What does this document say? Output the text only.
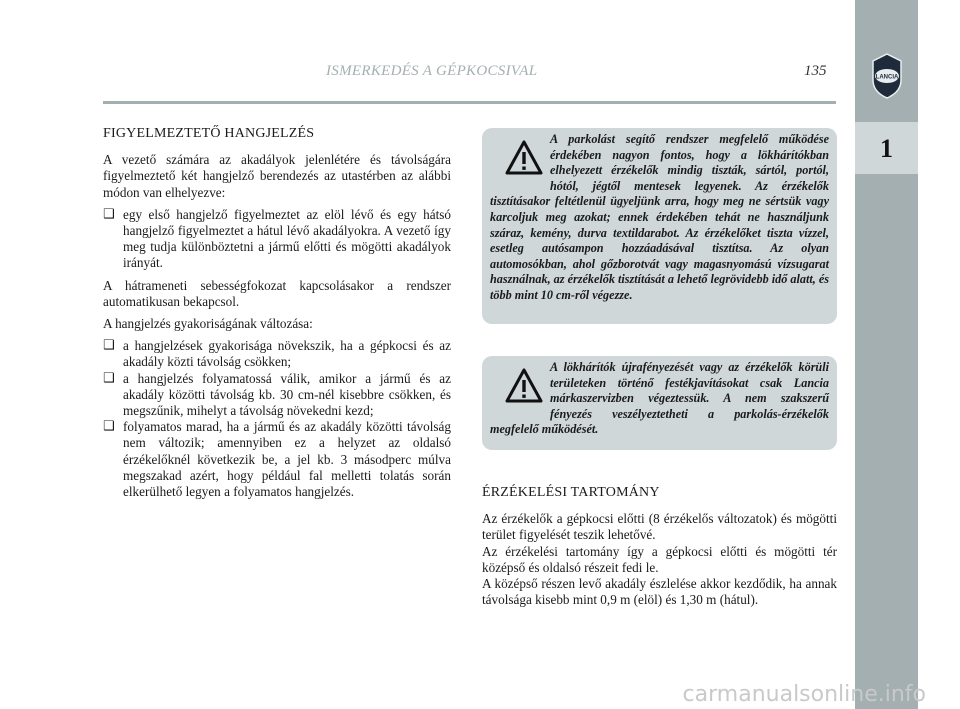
LANCIA
1
ISMERKEDÉS A GÉPKOCSIVAL	135
FIGYELMEZTETŐ HANGJELZÉS

A vezető számára az akadályok jelenlétére és távolságára figyelmeztető két hangjelző berendezés az utastérben az alábbi módon van elhelyezve:

❑ egy első hangjelző figyelmeztet az elöl lévő és egy hátsó hangjelző figyelmeztet a hátul lévő akadályokra. A vezető így meg tudja különböztetni a jármű előtti és mögötti akadályok irányát.

A hátrameneti sebességfokozat kapcsolásakor a rendszer automatikusan bekapcsol.

A hangjelzés gyakoriságának változása:

❑ a hangjelzések gyakorisága növekszik, ha a gépkocsi és az akadály közti távolság csökken;
❑ a hangjelzés folyamatossá válik, amikor a jármű és az akadály közötti távolság kb. 30 cm-nél kisebbre csökken, és megszűnik, mihelyt a távolság növekedni kezd;
❑ folyamatos marad, ha a jármű és az akadály közötti távolság nem változik; amennyiben ez a helyzet az oldalsó érzékelőknél következik be, a jel kb. 3 másodperc múlva megszakad azért, hogy például fal melletti tolatás során elkerülhető legyen a folyamatos hangjelzés.
A parkolást segítő rendszer megfelelő működése érdekében nagyon fontos, hogy a lökhárítókban elhelyezett érzékelők mindig tiszták, sártól, portól, hótól, jégtől mentesek legyenek. Az érzékelők tisztításakor feltétlenül ügyeljünk arra, hogy meg ne sértsük vagy karcoljuk meg azokat; ennek érdekében tehát ne használjunk száraz, kemény, durva textildarabot. Az érzékelőket tiszta vízzel, esetleg autósampon hozzáadásával tisztítsa. Az olyan automosókban, ahol gőzborotvát vagy magasnyomású vízsugarat használnak, az érzékelők tisztítását a lehető legrövidebb idő alatt, és több mint 10 cm-ről végezze.
A lökhárítók újrafényezését vagy az érzékelők körüli területeken történő festékjavításokat csak Lancia márkaszervizben végeztessük. A nem szakszerű fényezés veszélyeztetheti a parkolás-érzékelők megfelelő működését.
ÉRZÉKELÉSI TARTOMÁNY

Az érzékelők a gépkocsi előtti (8 érzékelős változatok) és mögötti terület figyelését teszik lehetővé.

Az érzékelési tartomány így a gépkocsi előtti és mögötti tér középső és oldalsó részeit fedi le.

A középső részen levő akadály észlelése akkor kezdődik, ha annak távolsága kisebb mint 0,9 m (elöl) és 1,30 m (hátul).

carmanualsonline.info
